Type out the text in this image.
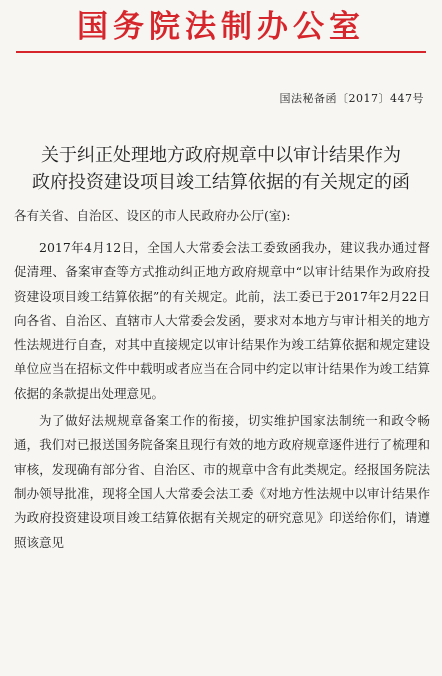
国务院法制办公室
国法秘备函〔2017〕447号
关于纠正处理地方政府规章中以审计结果作为
政府投资建设项目竣工结算依据的有关规定的函
各有关省、自治区、设区的市人民政府办公厅(室):

2017年4月12日，全国人大常委会法工委致函我办，建议我办通过督促清理、备案审查等方式推动纠正地方政府规章中“以审计结果作为政府投资建设项目竣工结算依据”的有关规定。此前，法工委已于2017年2月22日向各省、自治区、直辖市人大常委会发函，要求对本地方与审计相关的地方性法规进行自查，对其中直接规定以审计结果作为竣工结算依据和规定建设单位应当在招标文件中载明或者应当在合同中约定以审计结果作为竣工结算依据的条款提出处理意见。

为了做好法规规章备案工作的衔接，切实维护国家法制统一和政令畅通，我们对已报送国务院备案且现行有效的地方政府规章逐件进行了梳理和审核，发现确有部分省、自治区、市的规章中含有此类规定。经报国务院法制办领导批准，现将全国人大常委会法工委《对地方性法规中以审计结果作为政府投资建设项目竣工结算依据有关规定的研究意见》印送给你们，请遵照该意见
